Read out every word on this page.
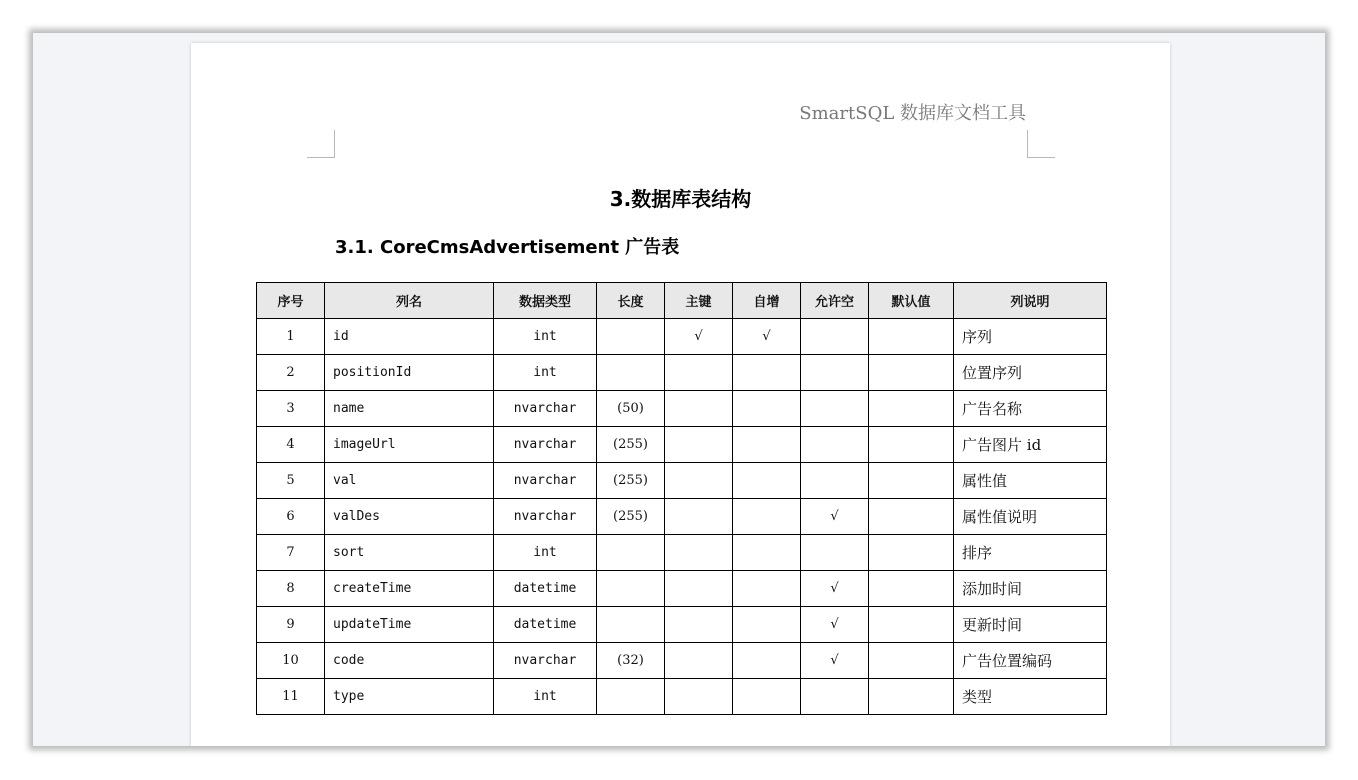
SmartSQL 数据库文档工具
3.数据库表结构
3.1. CoreCmsAdvertisement 广告表
序号	列名	数据类型	长度	主键	自增	允许空	默认值	列说明
1	id	int		√	√			序列
2	positionId	int						位置序列
3	name	nvarchar	(50)					广告名称
4	imageUrl	nvarchar	(255)					广告图片 id
5	val	nvarchar	(255)					属性值
6	valDes	nvarchar	(255)			√		属性值说明
7	sort	int						排序
8	createTime	datetime				√		添加时间
9	updateTime	datetime				√		更新时间
10	code	nvarchar	(32)			√		广告位置编码
11	type	int						类型
